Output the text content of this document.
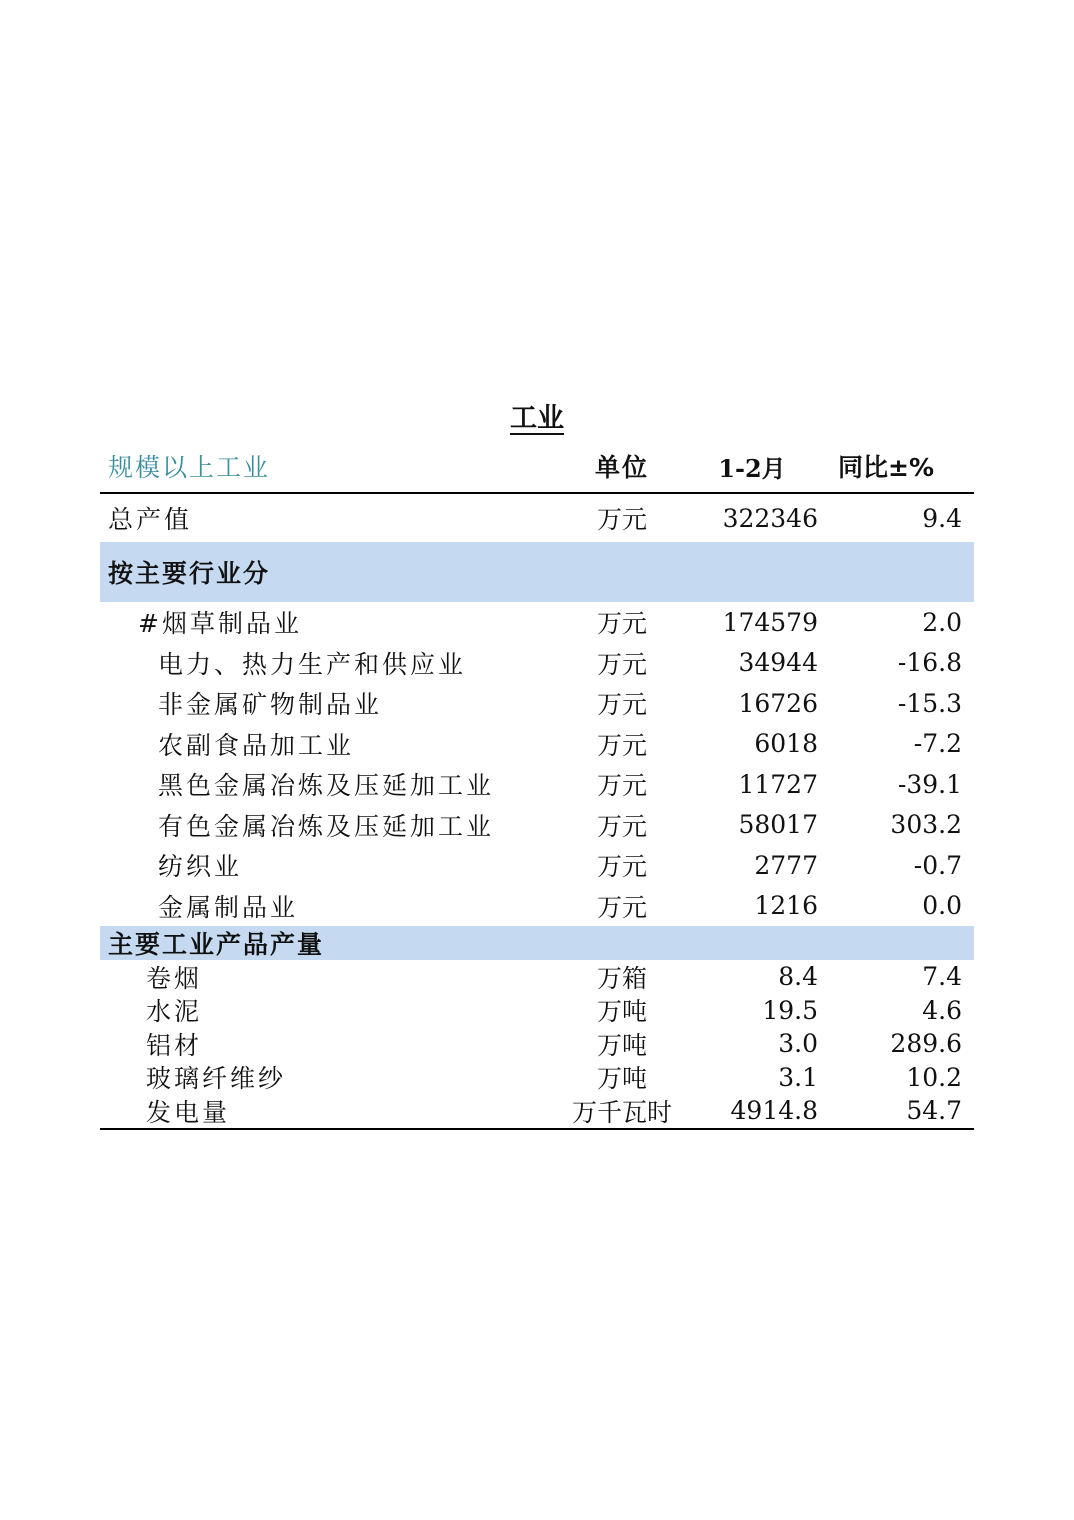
工业
规模以上工业	单位	1-2月	同比±%
总产值	万元	322346	9.4
按主要行业分
#烟草制品业	万元	174579	2.0
电力、热力生产和供应业	万元	34944	-16.8
非金属矿物制品业	万元	16726	-15.3
农副食品加工业	万元	6018	-7.2
黑色金属冶炼及压延加工业	万元	11727	-39.1
有色金属冶炼及压延加工业	万元	58017	303.2
纺织业	万元	2777	-0.7
金属制品业	万元	1216	0.0
主要工业产品产量
卷烟	万箱	8.4	7.4
水泥	万吨	19.5	4.6
铝材	万吨	3.0	289.6
玻璃纤维纱	万吨	3.1	10.2
发电量	万千瓦时	4914.8	54.7
